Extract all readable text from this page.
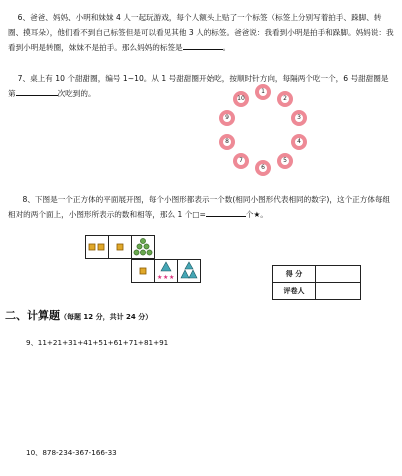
6、爸爸、妈妈、小明和妹妹 4 人一起玩游戏，每个人额头上贴了一个标签（标签上分别写着拍手、跺脚、转圈、摸耳朵），他们看不到自己标签但是可以看见其他 3 人的标签。爸爸说：我看到小明是拍手和跺脚。妈妈说：我看到小明是转圈，妹妹不是拍手。那么妈妈的标签是	。

7、桌上有 10 个甜甜圈，编号 1~10。从 1 号甜甜圈开始吃，按顺时针方向，每隔两个吃一个，6 号甜甜圈是第	次吃到的。	1
2
3
4
5
6
7
8
9
10

8、下图是一个正方体的平面展开图，每个小图形都表示一个数(相同小图形代表相同的数字)，这个正方体每组相对的两个面上，小图形所表示的数和相等，那么 1 个□=	个★。

★ ★ ★	得 分	
评卷人	

二、计算题（每题 12 分，共计 24 分）

9、11+21+31+41+51+61+71+81+91

10、878-234-367-166-33
